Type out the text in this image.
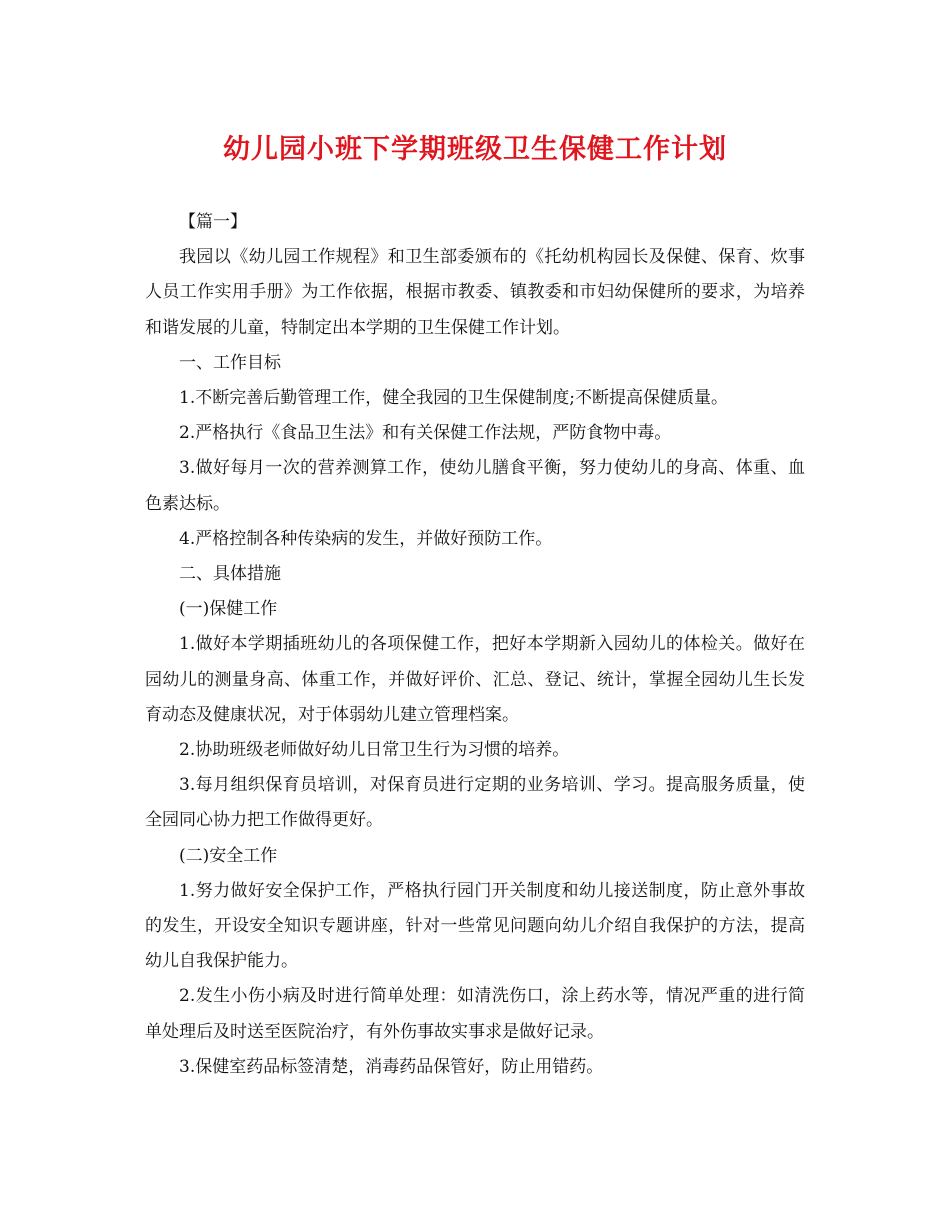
幼儿园小班下学期班级卫生保健工作计划

【篇一】

我园以《幼儿园工作规程》和卫生部委颁布的《托幼机构园长及保健、保育、炊事人员工作实用手册》为工作依据，根据市教委、镇教委和市妇幼保健所的要求，为培养和谐发展的儿童，特制定出本学期的卫生保健工作计划。

一、工作目标

1.不断完善后勤管理工作，健全我园的卫生保健制度;不断提高保健质量。

2.严格执行《食品卫生法》和有关保健工作法规，严防食物中毒。

3.做好每月一次的营养测算工作，使幼儿膳食平衡，努力使幼儿的身高、体重、血色素达标。

4.严格控制各种传染病的发生，并做好预防工作。

二、具体措施

(一)保健工作

1.做好本学期插班幼儿的各项保健工作，把好本学期新入园幼儿的体检关。做好在园幼儿的测量身高、体重工作，并做好评价、汇总、登记、统计，掌握全园幼儿生长发育动态及健康状况，对于体弱幼儿建立管理档案。

2.协助班级老师做好幼儿日常卫生行为习惯的培养。

3.每月组织保育员培训，对保育员进行定期的业务培训、学习。提高服务质量，使全园同心协力把工作做得更好。

(二)安全工作

1.努力做好安全保护工作，严格执行园门开关制度和幼儿接送制度，防止意外事故的发生，开设安全知识专题讲座，针对一些常见问题向幼儿介绍自我保护的方法，提高幼儿自我保护能力。

2.发生小伤小病及时进行简单处理：如清洗伤口，涂上药水等，情况严重的进行简单处理后及时送至医院治疗，有外伤事故实事求是做好记录。

3.保健室药品标签清楚，消毒药品保管好，防止用错药。
